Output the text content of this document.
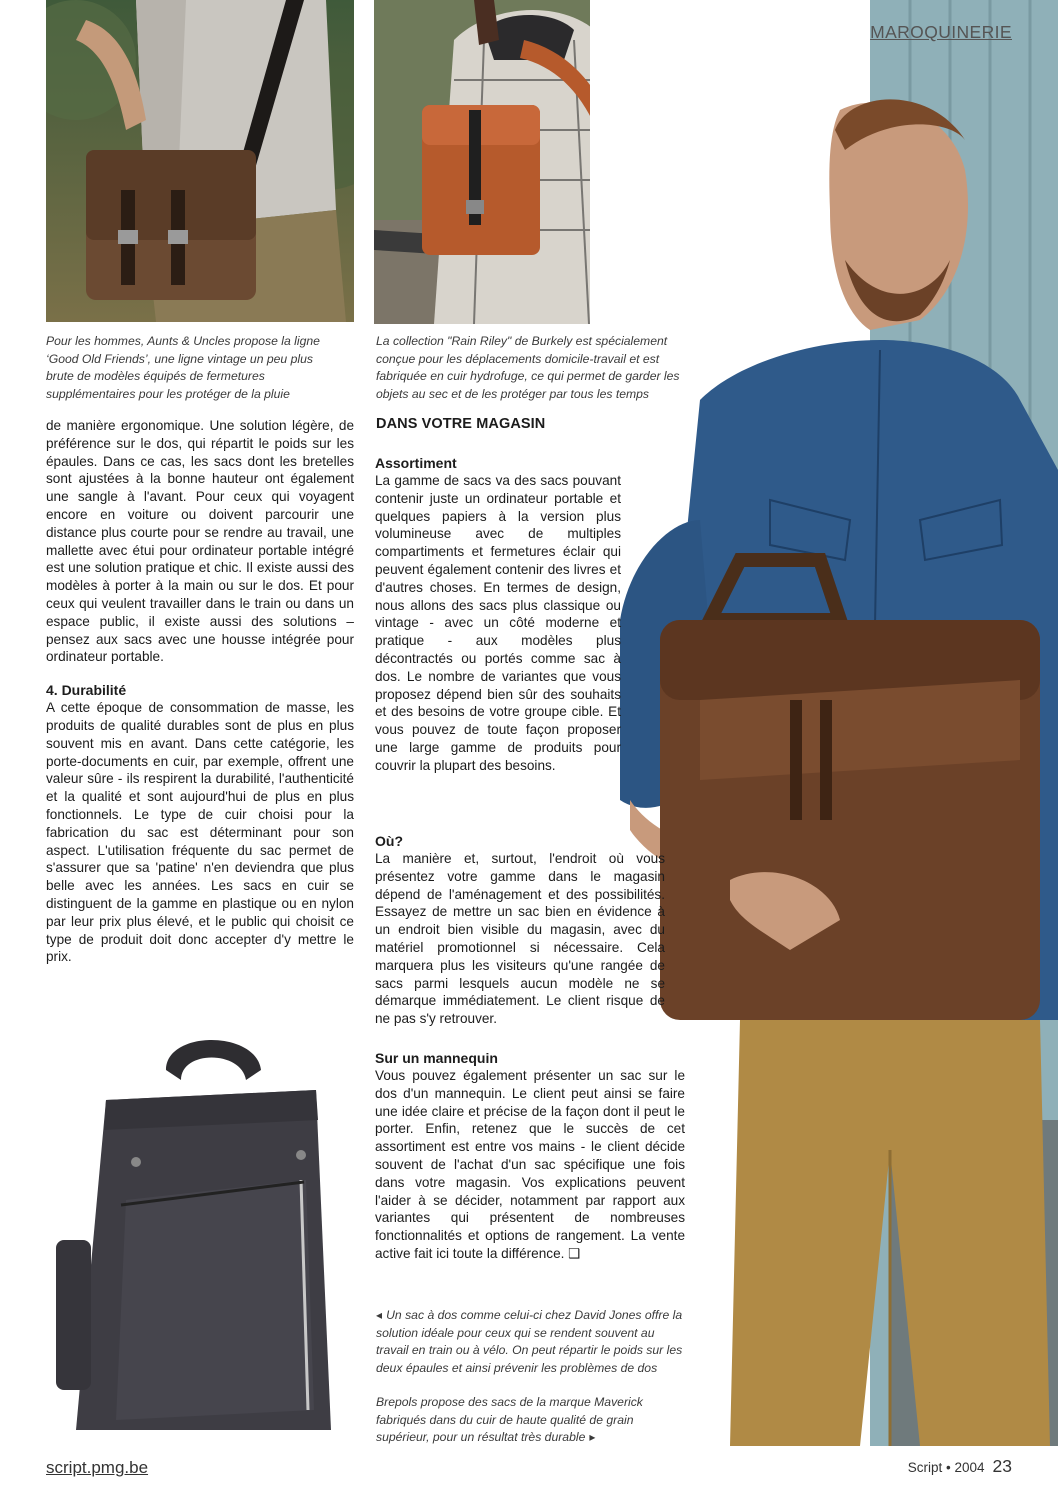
MAROQUINERIE
Pour les hommes, Aunts & Uncles propose la ligne ‘Good Old Friends’, une ligne vintage un peu plus brute de modèles équipés de fermetures supplémentaires pour les protéger de la pluie
La collection "Rain Riley" de Burkely est spécialement conçue pour les déplacements domicile-travail et est fabriquée en cuir hydrofuge, ce qui permet de garder les objets au sec et de les protéger par tous les temps

de manière ergonomique. Une solution légère, de préférence sur le dos, qui répartit le poids sur les épaules. Dans ce cas, les sacs dont les bretelles sont ajustées à la bonne hauteur ont également une sangle à l'avant. Pour ceux qui voyagent encore en voiture ou doivent parcourir une distance plus courte pour se rendre au travail, une mallette avec étui pour ordinateur portable intégré est une solution pratique et chic. Il existe aussi des modèles à porter à la main ou sur le dos. Et pour ceux qui veulent travailler dans le train ou dans un espace public, il existe aussi des solutions – pensez aux sacs avec une housse intégrée pour ordinateur portable.

4. Durabilité

A cette époque de consommation de masse, les produits de qualité durables sont de plus en plus souvent mis en avant. Dans cette catégorie, les porte-documents en cuir, par exemple, offrent une valeur sûre - ils respirent la durabilité, l'authenticité et la qualité et sont aujourd'hui de plus en plus fonctionnels. Le type de cuir choisi pour la fabrication du sac est déterminant pour son aspect. L'utilisation fréquente du sac permet de s'assurer que sa 'patine' n'en deviendra que plus belle avec les années. Les sacs en cuir se distinguent de la gamme en plastique ou en nylon par leur prix plus élevé, et le public qui choisit ce type de produit doit donc accepter d'y mettre le prix.

DANS VOTRE MAGASIN

Assortiment

La gamme de sacs va des sacs pouvant contenir juste un ordinateur portable et quelques papiers à la version plus volumineuse avec de multiples compartiments et fermetures éclair qui peuvent également contenir des livres et d'autres choses. En termes de design, nous allons des sacs plus classique ou vintage - avec un côté moderne et pratique - aux modèles plus décontractés ou portés comme sac à dos. Le nombre de variantes que vous proposez dépend bien sûr des souhaits et des besoins de votre groupe cible. Et vous pouvez de toute façon proposer une large gamme de produits pour couvrir la plupart des besoins.

Où?

La manière et, surtout, l'endroit où vous présentez votre gamme dans le magasin dépend de l'aménagement et des possibilités. Essayez de mettre un sac bien en évidence à un endroit bien visible du magasin, avec du matériel promotionnel si nécessaire. Cela marquera plus les visiteurs qu'une rangée de sacs parmi lesquels aucun modèle ne se démarque immédiatement. Le client risque de ne pas s'y retrouver.

Sur un mannequin

Vous pouvez également présenter un sac sur le dos d'un mannequin. Le client peut ainsi se faire une idée claire et précise de la façon dont il peut le porter. Enfin, retenez que le succès de cet assortiment est entre vos mains - le client décide souvent de l'achat d'un sac spécifique une fois dans votre magasin. Vos explications peuvent l'aider à se décider, notamment par rapport aux variantes qui présentent de nombreuses fonctionnalités et options de rangement. La vente active fait ici toute la différence. ❑

◂ Un sac à dos comme celui-ci chez David Jones offre la solution idéale pour ceux qui se rendent souvent au travail en train ou à vélo. On peut répartir le poids sur les deux épaules et ainsi prévenir les problèmes de dos
Brepols propose des sacs de la marque Maverick fabriqués dans du cuir de haute qualité de grain supérieur, pour un résultat très durable ▸
script.pmg.be	Script • 2004 23
